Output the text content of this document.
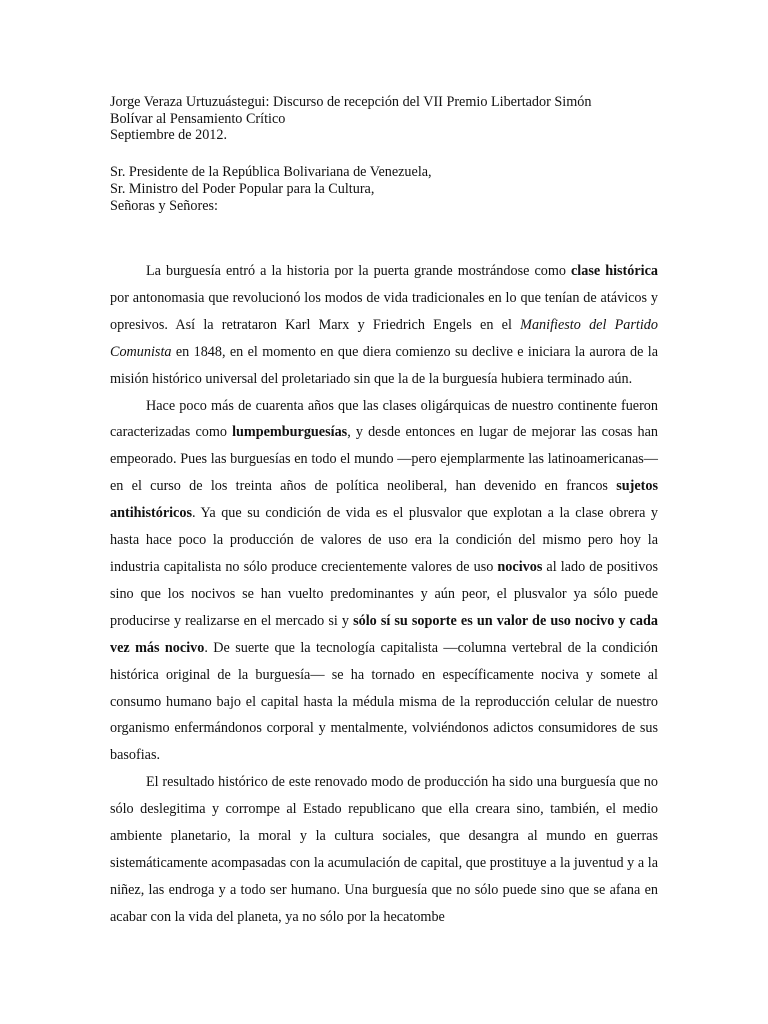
Jorge Veraza Urtuzuástegui: Discurso de recepción del VII Premio Libertador Simón

Bolívar al Pensamiento Crítico

Septiembre de 2012.

Sr. Presidente de la República Bolivariana de Venezuela,

Sr. Ministro del Poder Popular para la Cultura,

Señoras y Señores:

La burguesía entró a la historia por la puerta grande mostrándose como clase histórica por antonomasia que revolucionó los modos de vida tradicionales en lo que tenían de atávicos y opresivos. Así la retrataron Karl Marx y Friedrich Engels en el Manifiesto del Partido Comunista en 1848, en el momento en que diera comienzo su declive e iniciara la aurora de la misión histórico universal del proletariado sin que la de la burguesía hubiera terminado aún.

Hace poco más de cuarenta años que las clases oligárquicas de nuestro continente fueron caracterizadas como lumpemburguesías, y desde entonces en lugar de mejorar las cosas han empeorado. Pues las burguesías en todo el mundo —pero ejemplarmente las latinoamericanas— en el curso de los treinta años de política neoliberal, han devenido en francos sujetos antihistóricos. Ya que su condición de vida es el plusvalor que explotan a la clase obrera y hasta hace poco la producción de valores de uso era la condición del mismo pero hoy la industria capitalista no sólo produce crecientemente valores de uso nocivos al lado de positivos sino que los nocivos se han vuelto predominantes y aún peor, el plusvalor ya sólo puede producirse y realizarse en el mercado si y sólo sí su soporte es un valor de uso nocivo y cada vez más nocivo. De suerte que la tecnología capitalista —columna vertebral de la condición histórica original de la burguesía— se ha tornado en específicamente nociva y somete al consumo humano bajo el capital hasta la médula misma de la reproducción celular de nuestro organismo enfermándonos corporal y mentalmente, volviéndonos adictos consumidores de sus basofias.

El resultado histórico de este renovado modo de producción ha sido una burguesía que no sólo deslegitima y corrompe al Estado republicano que ella creara sino, también, el medio ambiente planetario, la moral y la cultura sociales, que desangra al mundo en guerras sistemáticamente acompasadas con la acumulación de capital, que prostituye a la juventud y a la niñez, las endroga y a todo ser humano. Una burguesía que no sólo puede sino que se afana en acabar con la vida del planeta, ya no sólo por la hecatombe
